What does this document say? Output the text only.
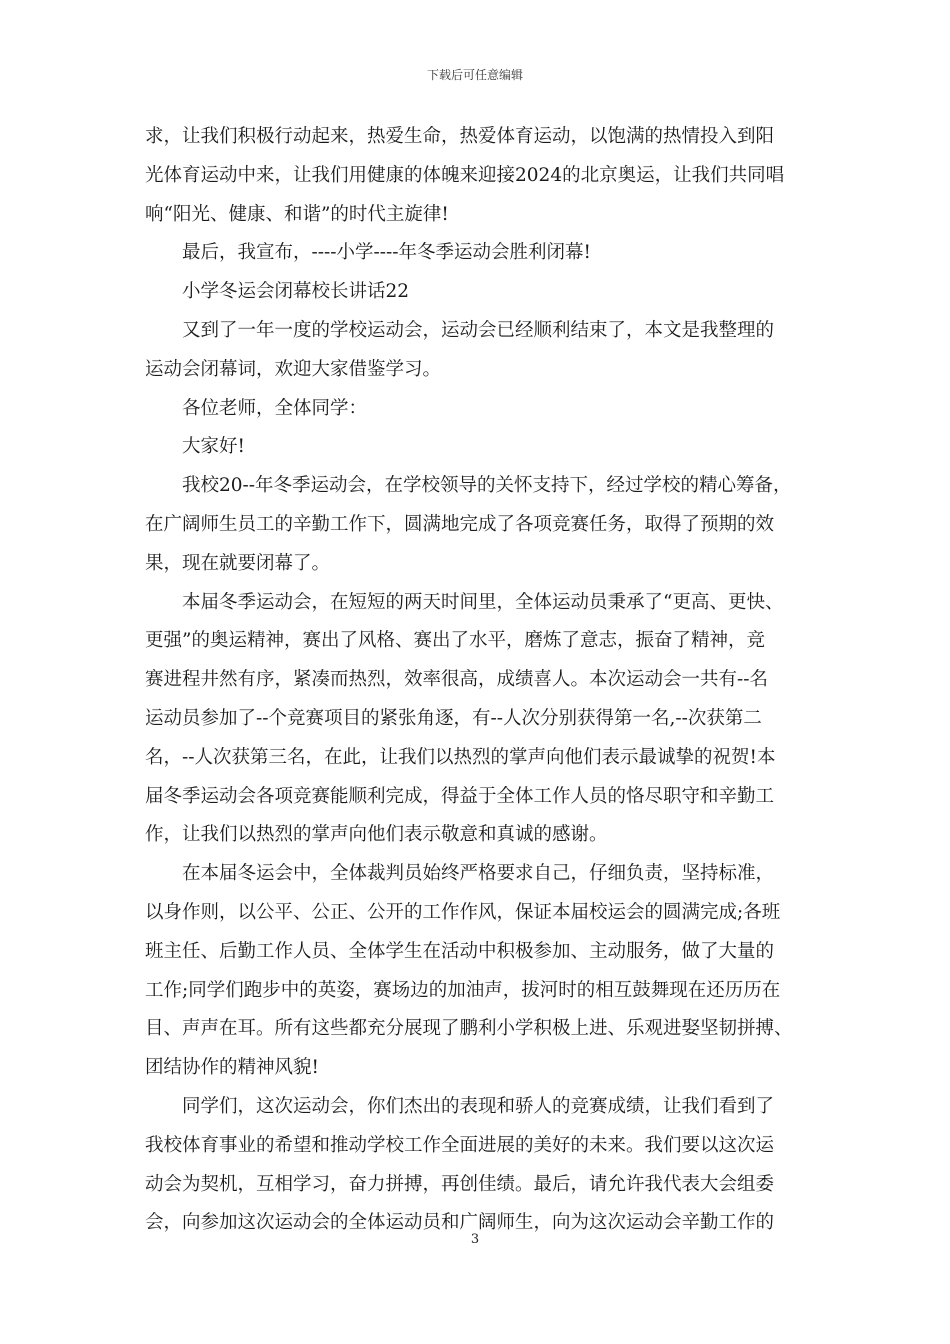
下载后可任意编辑
求，让我们积极行动起来，热爱生命，热爱体育运动，以饱满的热情投入到阳
光体育运动中来，让我们用健康的体魄来迎接2024的北京奥运，让我们共同唱
响“阳光、健康、和谐”的时代主旋律!
最后，我宣布，----小学----年冬季运动会胜利闭幕!
小学冬运会闭幕校长讲话22
又到了一年一度的学校运动会，运动会已经顺利结束了，本文是我整理的
运动会闭幕词，欢迎大家借鉴学习。
各位老师，全体同学：
大家好!
我校20--年冬季运动会，在学校领导的关怀支持下，经过学校的精心筹备，
在广阔师生员工的辛勤工作下，圆满地完成了各项竞赛任务，取得了预期的效
果，现在就要闭幕了。
本届冬季运动会，在短短的两天时间里，全体运动员秉承了“更高、更快、
更强”的奥运精神，赛出了风格、赛出了水平，磨炼了意志，振奋了精神，竞
赛进程井然有序，紧凑而热烈，效率很高，成绩喜人。本次运动会一共有--名
运动员参加了--个竞赛项目的紧张角逐，有--人次分别获得第一名,--次获第二
名，--人次获第三名，在此，让我们以热烈的掌声向他们表示最诚挚的祝贺!本
届冬季运动会各项竞赛能顺利完成，得益于全体工作人员的恪尽职守和辛勤工
作，让我们以热烈的掌声向他们表示敬意和真诚的感谢。
在本届冬运会中，全体裁判员始终严格要求自己，仔细负责，坚持标准，
以身作则，以公平、公正、公开的工作作风，保证本届校运会的圆满完成;各班
班主任、后勤工作人员、全体学生在活动中积极参加、主动服务，做了大量的
工作;同学们跑步中的英姿，赛场边的加油声，拔河时的相互鼓舞现在还历历在
目、声声在耳。所有这些都充分展现了鹏利小学积极上进、乐观进娶坚韧拼搏、
团结协作的精神风貌!
同学们，这次运动会，你们杰出的表现和骄人的竞赛成绩，让我们看到了
我校体育事业的希望和推动学校工作全面进展的美好的未来。我们要以这次运
动会为契机，互相学习，奋力拼搏，再创佳绩。最后，请允许我代表大会组委
会，向参加这次运动会的全体运动员和广阔师生，向为这次运动会辛勤工作的
3
